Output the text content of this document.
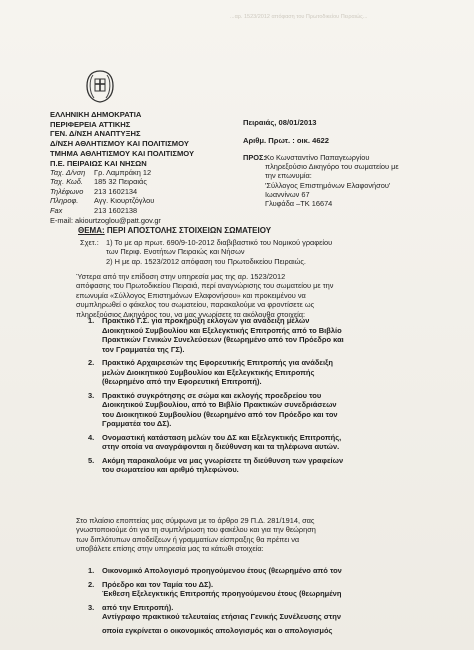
...αρ. 1523/2012 απόφαση του Πρωτοδικείου Πειραιώς...
ΕΛΛΗΝΙΚΗ ΔΗΜΟΚΡΑΤΙΑ
ΠΕΡΙΦΕΡΕΙΑ ΑΤΤΙΚΗΣ
ΓΕΝ. Δ/ΝΣΗ ΑΝΑΠΤΥΞΗΣ
Δ/ΝΣΗ ΑΘΛΗΤΙΣΜΟΥ ΚΑΙ ΠΟΛΙΤΙΣΜΟΥ
ΤΜΗΜΑ ΑΘΛΗΤΙΣΜΟΥ ΚΑΙ ΠΟΛΙΤΙΣΜΟΥ
Π.Ε. ΠΕΙΡΑΙΩΣ ΚΑΙ ΝΗΣΩΝ
Ταχ. Δ/νση	Γρ. Λαμπράκη 12
Ταχ. Κωδ.	185 32 Πειραιάς
Τηλέφωνο	213 1602134
Πληροφ.	Αγγ. Κιουρτζόγλου
Fax	213 1602138
E-mail: akiourtzoglou@patt.gov.gr
Πειραιάς, 08/01/2013
Αριθμ. Πρωτ. : οικ. 4622
ΠΡΟΣ: Κο Κωνσταντίνο Παπαγεωργίου
πληρεξούσιο Δικηγόρο του σωματείου με
την επωνυμία:
'Σύλλογος Επιστημόνων Ελαφονήσου'
Ιωαννίνων 67
Γλυφάδα –ΤΚ 16674
ΘΕΜΑ: ΠΕΡΙ ΑΠΟΣΤΟΛΗΣ ΣΤΟΙΧΕΙΩΝ ΣΩΜΑΤΕΙΟΥ
Σχετ.: 1) Το με αρ πρωτ. 690/9-10-2012 διαβιβαστικό του Νομικού γραφείου
των Περιφ. Ενοτήτων Πειραιώς και Νήσων
2) Η με αρ. 1523/2012 απόφαση του Πρωτοδικείου Πειραιώς.
Ύστερα από την επίδοση στην υπηρεσία μας της αρ. 1523/2012
απόφασης του Πρωτοδικείου Πειραιά, περί αναγνώρισης του σωματείου με την
επωνυμία «Σύλλογος Επιστημόνων Ελαφονήσου» και προκειμένου να
συμπληρωθεί ο φάκελος του σωματείου, παρακαλούμε να φροντίσετε ως
πληρεξούσιος Δικηγόρος του, να μας γνωρίσετε τα ακόλουθα στοιχεία:
1.	Πρακτικό Γ.Σ. για προκήρυξη εκλογών για ανάδειξη μελών
Διοικητικού Συμβουλίου και Εξελεγκτικής Επιτροπής από το Βιβλίο
Πρακτικών Γενικών Συνελεύσεων (θεωρημένο από τον Πρόεδρο και
τον Γραμματέα της ΓΣ).
2.	Πρακτικό Αρχαιρεσιών της Εφορευτικής Επιτροπής για ανάδειξη
μελών Διοικητικού Συμβουλίου και Εξελεγκτικής Επιτροπής
(θεωρημένο από την Εφορευτική Επιτροπή).
3.	Πρακτικό συγκρότησης σε σώμα και εκλογής προεδρείου του
Διοικητικού Συμβουλίου, από το Βιβλίο Πρακτικών συνεδριάσεων
του Διοικητικού Συμβουλίου (θεωρημένο από τον Πρόεδρο και τον
Γραμματέα του ΔΣ).
4.	Ονομαστική κατάσταση μελών του ΔΣ και Εξελεγκτικής Επιτροπής,
στην οποία να αναγράφονται η διεύθυνση και τα τηλέφωνα αυτών.
5.	Ακόμη παρακαλούμε να μας γνωρίσετε τη διεύθυνση των γραφείων
του σωματείου και αριθμό τηλεφώνου.
Στο πλαίσιο εποπτείας μας σύμφωνα με το άρθρο 29 Π.Δ. 281/1914, σας
γνωστοποιούμε ότι για τη συμπλήρωση του φακέλου και για την θεώρηση
των διπλότυπων αποδείξεων ή γραμματίων είσπραξης θα πρέπει να
υποβάλετε επίσης στην υπηρεσία μας τα κάτωθι στοιχεία:
1.	Οικονομικό Απολογισμό προηγούμενου έτους (θεωρημένο από τον
2.	Πρόεδρο και τον Ταμία του ΔΣ).
Έκθεση Εξελεγκτικής Επιτροπής προηγούμενου έτους (θεωρημένη
3.	από την Επιτροπή).
Αντίγραφο πρακτικού τελευταίας ετήσιας Γενικής Συνέλευσης στην
οποία εγκρίνεται ο οικονομικός απολογισμός και ο απολογισμός
